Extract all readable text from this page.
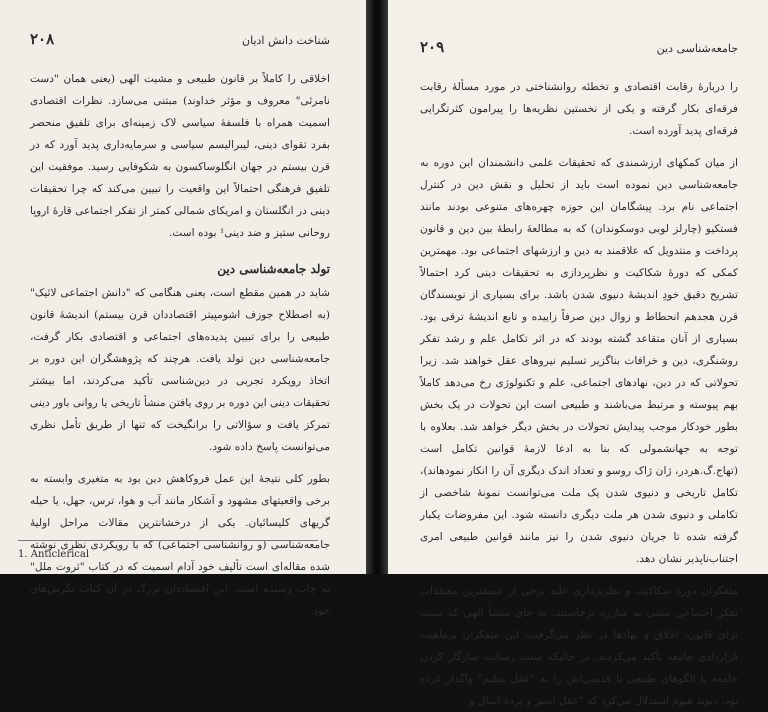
شناخت دانش ادیان
۲۰۸

اخلاقی را کاملاً بر قانون طبیعی و مشیت الهی (یعنی همان "دست نامرئی" معروف و مؤثر خداوند) مبتنی می‌سازد. نظرات اقتصادی اسمیت همراه با فلسفهٔ سیاسی لاک زمینه‌ای برای تلفیق منحصر بفرد تقوای دینی، لیبرالیسم سیاسی و سرمایه‌داری پدید آورد که در قرن بیستم در جهان انگلوساکسون به شکوفایی رسید. موفقیت این تلفیق فرهنگی احتمالاً این واقعیت را تبیین می‌کند که چرا تحقیقات دینی در انگلستان و امریکای شمالی کمتر از تفکر اجتماعی قارهٔ اروپا روحانی ستیز و ضد دینی¹ بوده است.

تولد جامعه‌شناسی دین

شاید در همین مقطع است، یعنی هنگامی که "دانش اجتماعی لائیک" (به اصطلاح جوزف اشومپیتر اقتصاددان قرن بیستم) اندیشهٔ قانون طبیعی را برای تبیین پدیده‌های اجتماعی و اقتصادی بکار گرفت، جامعه‌شناسی دین تولد یافت. هرچند که پژوهشگران این دوره بر اتخاذ رویکرد تجربی در دین‌شناسی تأکید می‌کردند، اما بیشتر تحقیقات دینی این دوره بر روی یافتن منشأ تاریخی یا روانی باور دینی تمرکز یافت و سؤالاتی را برانگیخت که تنها از طریق تأمل نظری می‌توانست پاسخ داده شود.

بطور کلی نتیجهٔ این عمل فروکاهش دین بود به متغیری وابسته به برخی واقعیتهای مشهود و آشکار مانند آب و هوا، ترس، جهل، یا حیله گریهای کلیسائیان. یکی از درخشانترین مقالات مراحل اولیهٔ جامعه‌شناسی (و روانشناسی اجتماعی) که با رویکردی نظری نوشته شده مقاله‌ای است تألیف خود آدام اسمیت که در کتاب "ثروت ملل" به چاپ رسیده است. این اقتصاددان بزرگ در آن کتاب نگرش‌های خود

1. Anticlerical
جامعه‌شناسی دین
۲۰۹

را دربارهٔ رقابت اقتصادی و تخطئه روانشناختی در مورد مسألهٔ رقابت فرقه‌ای بکار گرفته و یکی از نخستین نظریه‌ها را پیرامون کثرتگرایی فرقه‌ای پدید آورده است.

از میان کمکهای ارزشمندی که تحقیقات علمی دانشمندان این دوره به جامعه‌شناسی دین نموده است باید از تحلیل و نقش دین در کنترل اجتماعی نام برد. پیشگامان این حوزه چهره‌های متنوعی بودند مانند فستکیو (چارلز لوبی دوسکوندان) که به مطالعهٔ رابطهٔ بین دین و قانون پرداخت و منتدویل که علاقمند به دین و ارزشهای اجتماعی بود. مهمترین کمکی که دورهٔ شکاکیت و نظرپردازی به تحقیقات دینی کرد احتمالاً تشریح دقیق خودِ اندیشهٔ دنیوی شدن باشد. برای بسیاری از نویسندگان قرن هجدهم انحطاط و زوال دین صرفاً زاییده و تابع اندیشهٔ ترقی بود. بسیاری از آنان متقاعد گشته بودند که در اثر تکامل علم و رشد تفکر روشنگری، دین و خرافات بناگزیر تسلیم نیروهای عقل خواهند شد. زیرا تحولاتی که در دین، نهادهای اجتماعی، علم و تکنولوژی رخ می‌دهد کاملاً بهم پیوسته و مرتبط می‌باشند و طبیعی است این تحولات در یک بخش بطور خودکار موجب پیدایش تحولات در بخش دیگر خواهد شد. بعلاوه با توجه به جهانشمولی که بنا به ادعا لازمهٔ قوانین تکامل است (تهاج.گ.هردر، ژان ژاک روسو و تعداد اندک دیگری آن را انکار نمودهاند)، تکامل تاریخی و دنیوی شدن یک ملت می‌توانست نمونهٔ شاخصی از تکاملی و دنیوی شدن هر ملت دیگری دانسته شود. این مفروضات یکبار گرفته شده تا جریان دنیوی شدن را نیز مانند قوانین طبیعی امری اجتناب‌ناپذیر نشان دهد.

متفکران دورهٔ شکاکیت و نظرپردازی علیه برخی از عمیقترین معتقدات تفکر اجتماعی سنتی به مبارزه برخاستند. به جای منشأ الهی که سنت برای قانون، اخلاق و نهادها در نظر می‌گرفت، این متفکران برماهیت قراردادی جامعه تأکید می‌کردند. در حالیکه سنت رسالت سازگار کردن جامعه با الگوهای طبیعی یا قدسی‌اش را به "عقل سلیم" واگذار کرده بود، دیوید هیوم استدلال می‌کرد که "عقل اسیر و بردهٔ امیال و
